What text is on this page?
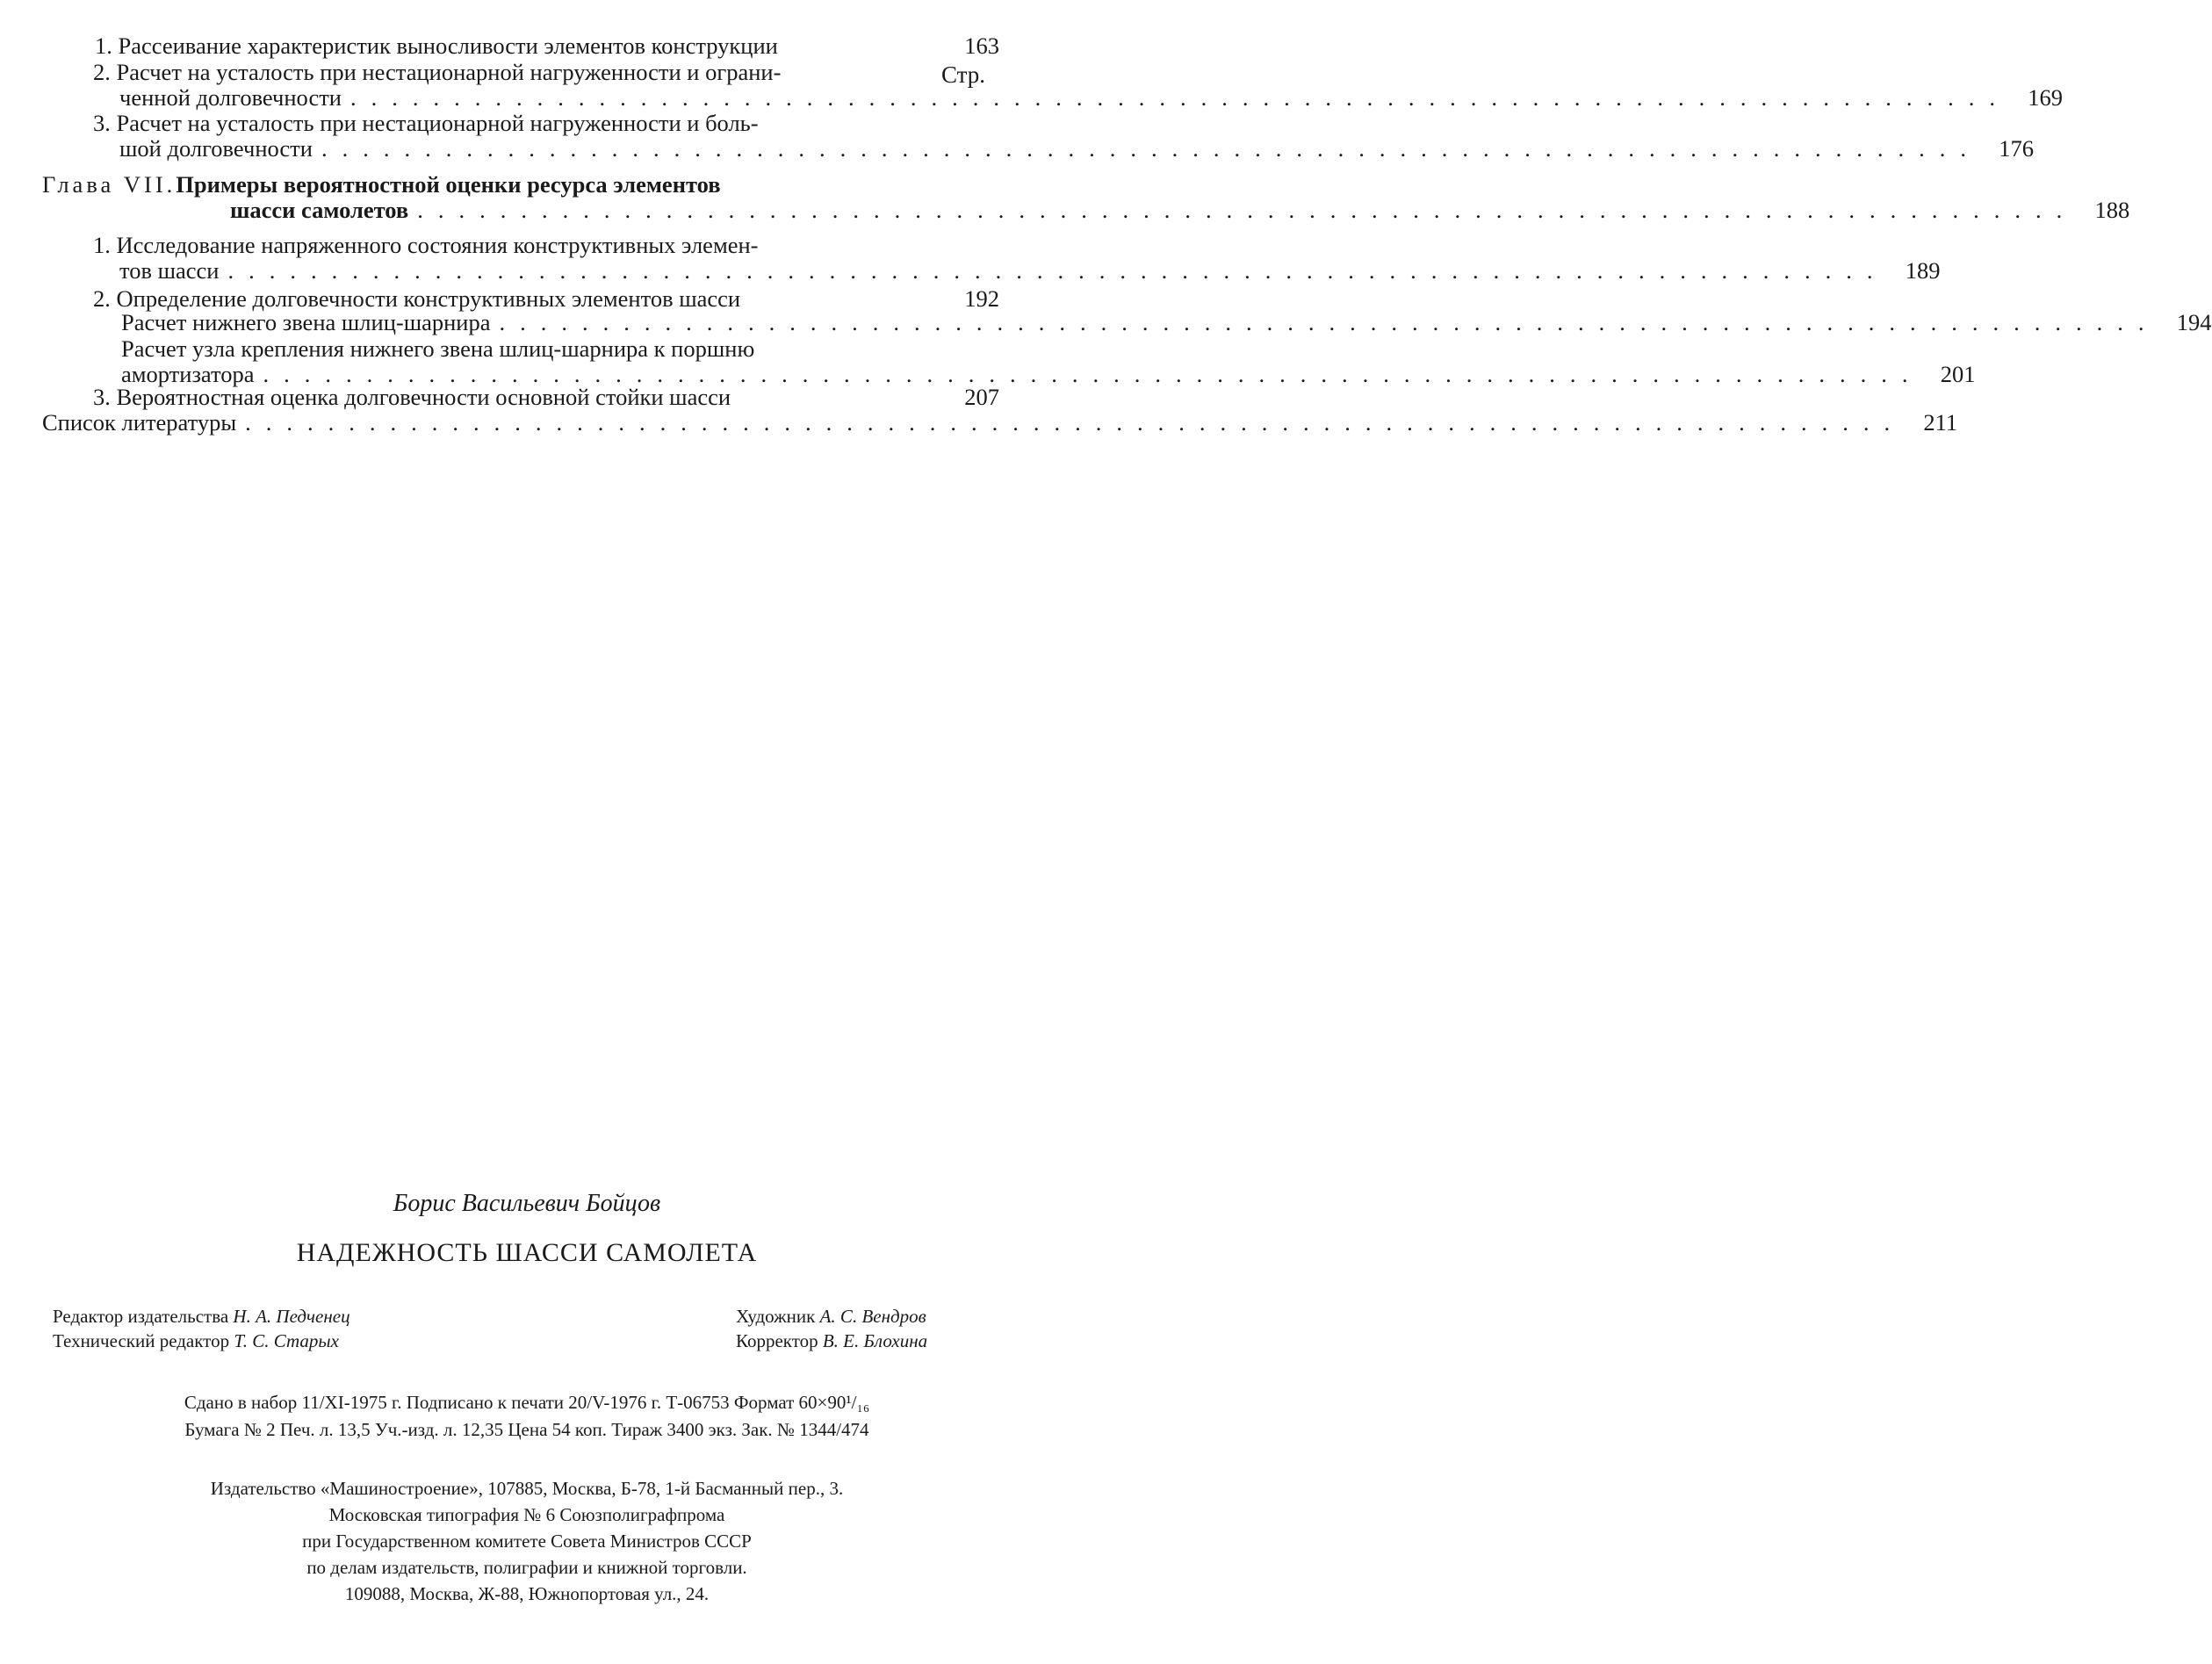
Стр.
1. Рассеивание характеристик выносливости элементов конструкции	163
2. Расчет на усталость при нестационарной нагруженности и ограни-
ченной долговечности ................................................................................ 169
3. Расчет на усталость при нестационарной нагруженности и боль-
шой долговечности ................................................................................ 176
Глава VII. Примеры вероятностной оценки ресурса элементов
шасси самолетов ................................................................................ 188
1. Исследование напряженного состояния конструктивных элемен-
тов шасси ................................................................................ 189
2. Определение долговечности конструктивных элементов шасси	192
Расчет нижнего звена шлиц-шарнира ................................................................................ 194
Расчет узла крепления нижнего звена шлиц-шарнира к поршню
амортизатора ................................................................................ 201
3. Вероятностная оценка долговечности основной стойки шасси	207
Список литературы ................................................................................ 211
Борис Васильевич Бойцов
НАДЕЖНОСТЬ ШАССИ САМОЛЕТА
Редактор издательства Н. А. Педченец
Технический редактор Т. С. Старых
Художник А. С. Вендров
Корректор В. Е. Блохина
Сдано в набор 11/XI-1975 г. Подписано к печати 20/V-1976 г. Т-06753 Формат 60×90¹/₁₆
Бумага № 2 Печ. л. 13,5 Уч.-изд. л. 12,35 Цена 54 коп. Тираж 3400 экз. Зак. № 1344/474
Издательство «Машиностроение», 107885, Москва, Б-78, 1-й Басманный пер., 3.
Московская типография № 6 Союзполиграфпрома
при Государственном комитете Совета Министров СССР
по делам издательств, полиграфии и книжной торговли.
109088, Москва, Ж-88, Южнопортовая ул., 24.
